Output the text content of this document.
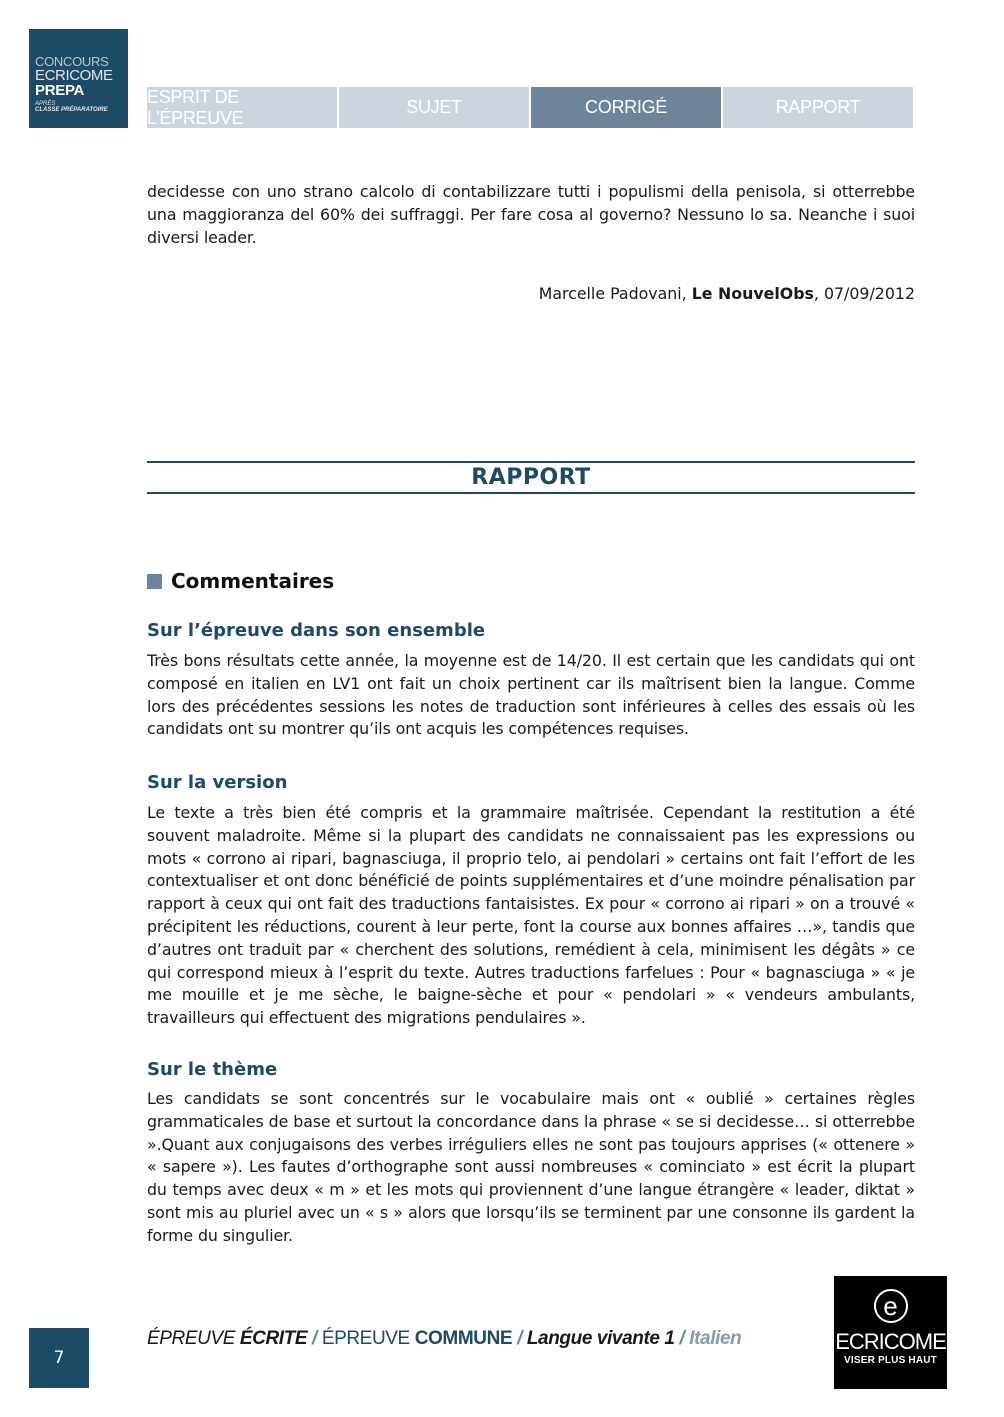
CONCOURS
ECRICOME
PREPA
APRÈS
CLASSE PRÉPARATOIRE
ESPRIT DE L’ÉPREUVE
SUJET	CORRIGÉ	RAPPORT

decidesse con uno strano calcolo di contabilizzare tutti i populismi della penisola, si otterrebbe una maggioranza del 60% dei suffraggi. Per fare cosa al governo? Nessuno lo sa. Neanche i suoi diversi leader.

Marcelle Padovani, Le NouvelObs, 07/09/2012
RAPPORT
Commentaires
Sur l’épreuve dans son ensemble

Très bons résultats cette année, la moyenne est de 14/20. Il est certain que les candidats qui ont composé en italien en LV1 ont fait un choix pertinent car ils maîtrisent bien la langue. Comme lors des précédentes sessions les notes de traduction sont inférieures à celles des essais où les candidats ont su montrer qu’ils ont acquis les compétences requises.

Sur la version

Le texte a très bien été compris et la grammaire maîtrisée. Cependant la restitution a été souvent maladroite. Même si la plupart des candidats ne connaissaient pas les expressions ou mots « corrono ai ripari, bagnasciuga, il proprio telo, ai pendolari » certains ont fait l’effort de les contextualiser et ont donc bénéficié de points supplémentaires et d’une moindre pénalisation par rapport à ceux qui ont fait des traductions fantaisistes. Ex pour « corrono ai ripari » on a trouvé « précipitent les réductions, courent à leur perte, font la course aux bonnes affaires …», tandis que d’autres ont traduit par « cherchent des solutions, remédient à cela, minimisent les dégâts » ce qui correspond mieux à l’esprit du texte. Autres traductions farfelues : Pour « bagnasciuga » « je me mouille et je me sèche, le baigne-sèche et pour « pendolari » « vendeurs ambulants, travailleurs qui effectuent des migrations pendulaires ».

Sur le thème

Les candidats se sont concentrés sur le vocabulaire mais ont « oublié » certaines règles grammaticales de base et surtout la concordance dans la phrase « se si decidesse… si otterrebbe ».Quant aux conjugaisons des verbes irréguliers elles ne sont pas toujours apprises (« ottenere » « sapere »). Les fautes d’orthographe sont aussi nombreuses « cominciato » est écrit la plupart du temps avec deux « m » et les mots qui proviennent d’une langue étrangère « leader, diktat » sont mis au pluriel avec un « s » alors que lorsqu’ils se terminent par une consonne ils gardent la forme du singulier.

7
ÉPREUVE ÉCRITE / ÉPREUVE COMMUNE / Langue vivante 1 / Italien
e
ECRICOME
VISER PLUS HAUT
